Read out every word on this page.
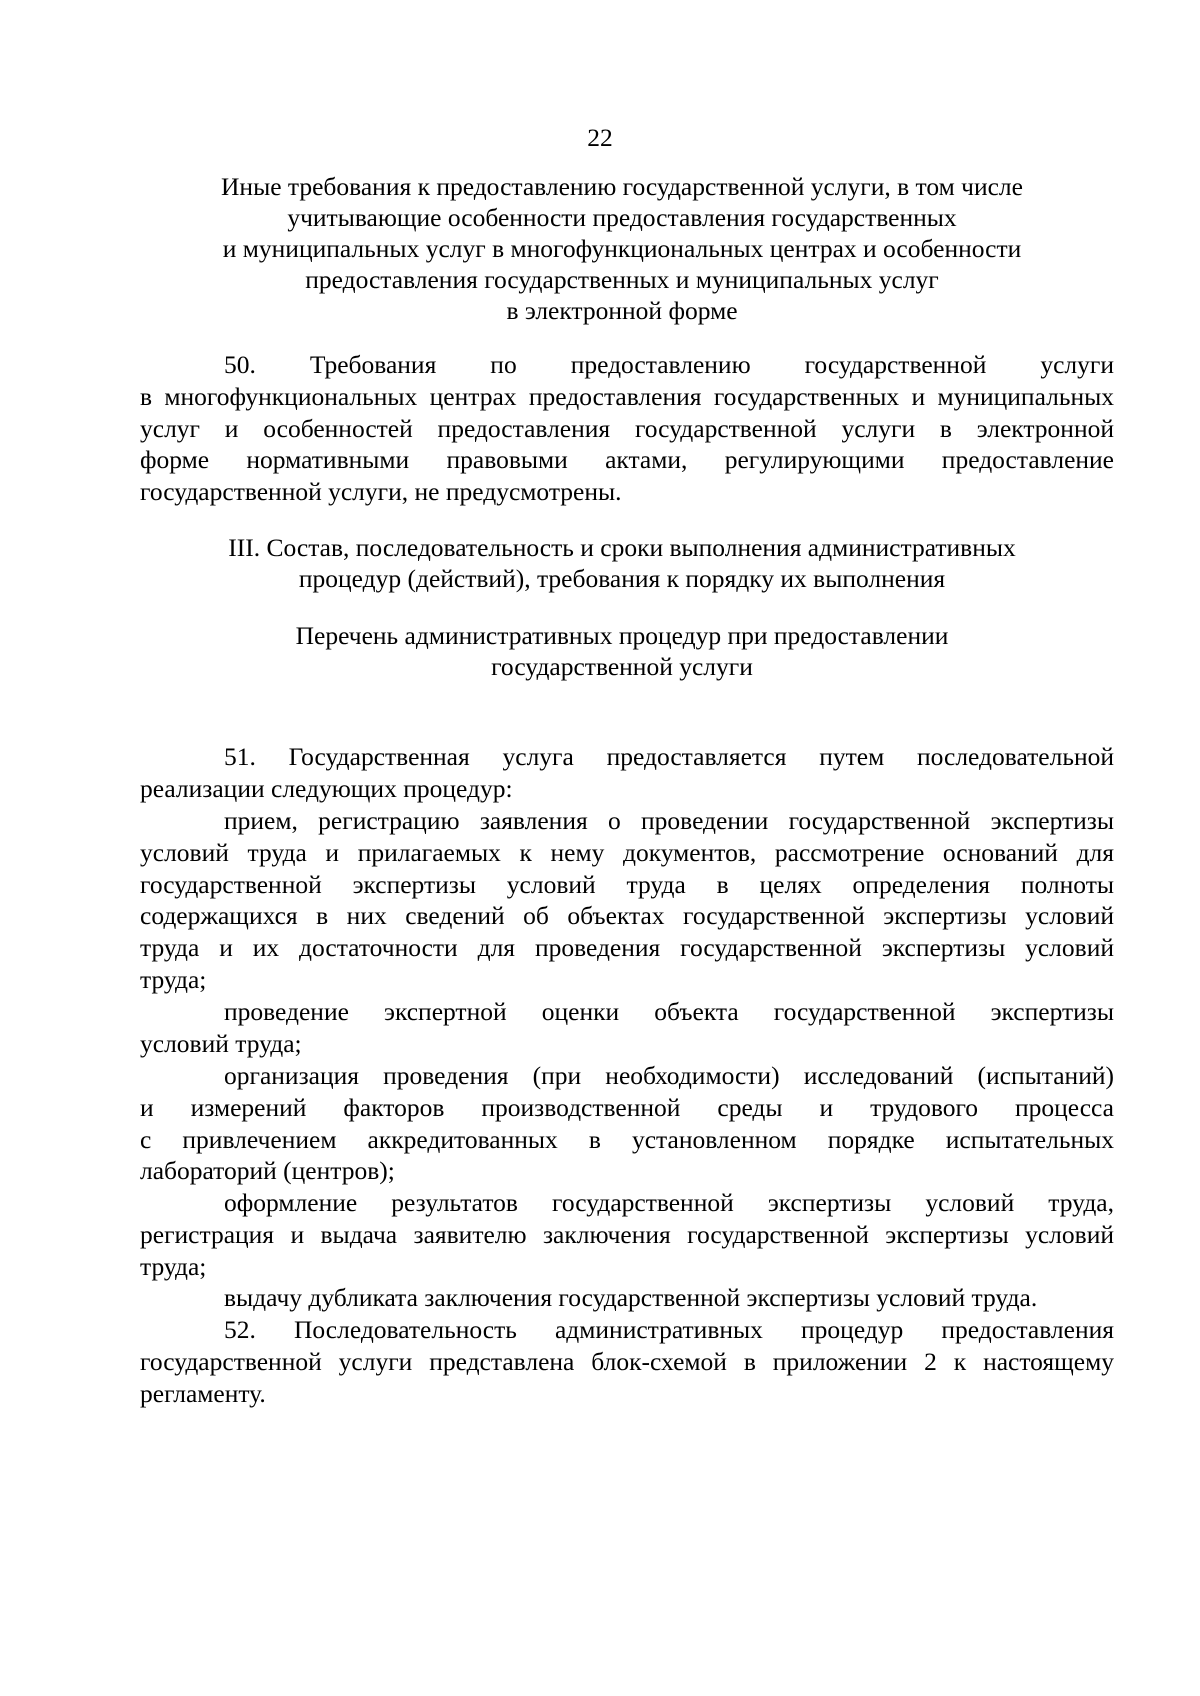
22
Иные требования к предоставлению государственной услуги, в том числе
учитывающие особенности предоставления государственных
и муниципальных услуг в многофункциональных центрах и особенности
предоставления государственных и муниципальных услуг
в электронной форме
50. Требования по предоставлению государственной услуги
в многофункциональных центрах предоставления государственных и муниципальных
услуг и особенностей предоставления государственной услуги в электронной
форме нормативными правовыми актами, регулирующими предоставление
государственной услуги, не предусмотрены.
III. Состав, последовательность и сроки выполнения административных
процедур (действий), требования к порядку их выполнения
Перечень административных процедур при предоставлении
государственной услуги
51. Государственная услуга предоставляется путем последовательной
реализации следующих процедур:
прием, регистрацию заявления о проведении государственной экспертизы
условий труда и прилагаемых к нему документов, рассмотрение оснований для
государственной экспертизы условий труда в целях определения полноты
содержащихся в них сведений об объектах государственной экспертизы условий
труда и их достаточности для проведения государственной экспертизы условий
труда;
проведение экспертной оценки объекта государственной экспертизы
условий труда;
организация проведения (при необходимости) исследований (испытаний)
и измерений факторов производственной среды и трудового процесса
с привлечением аккредитованных в установленном порядке испытательных
лабораторий (центров);
оформление результатов государственной экспертизы условий труда,
регистрация и выдача заявителю заключения государственной экспертизы условий
труда;
выдачу дубликата заключения государственной экспертизы условий труда.
52. Последовательность административных процедур предоставления
государственной услуги представлена блок-схемой в приложении 2 к настоящему
регламенту.
